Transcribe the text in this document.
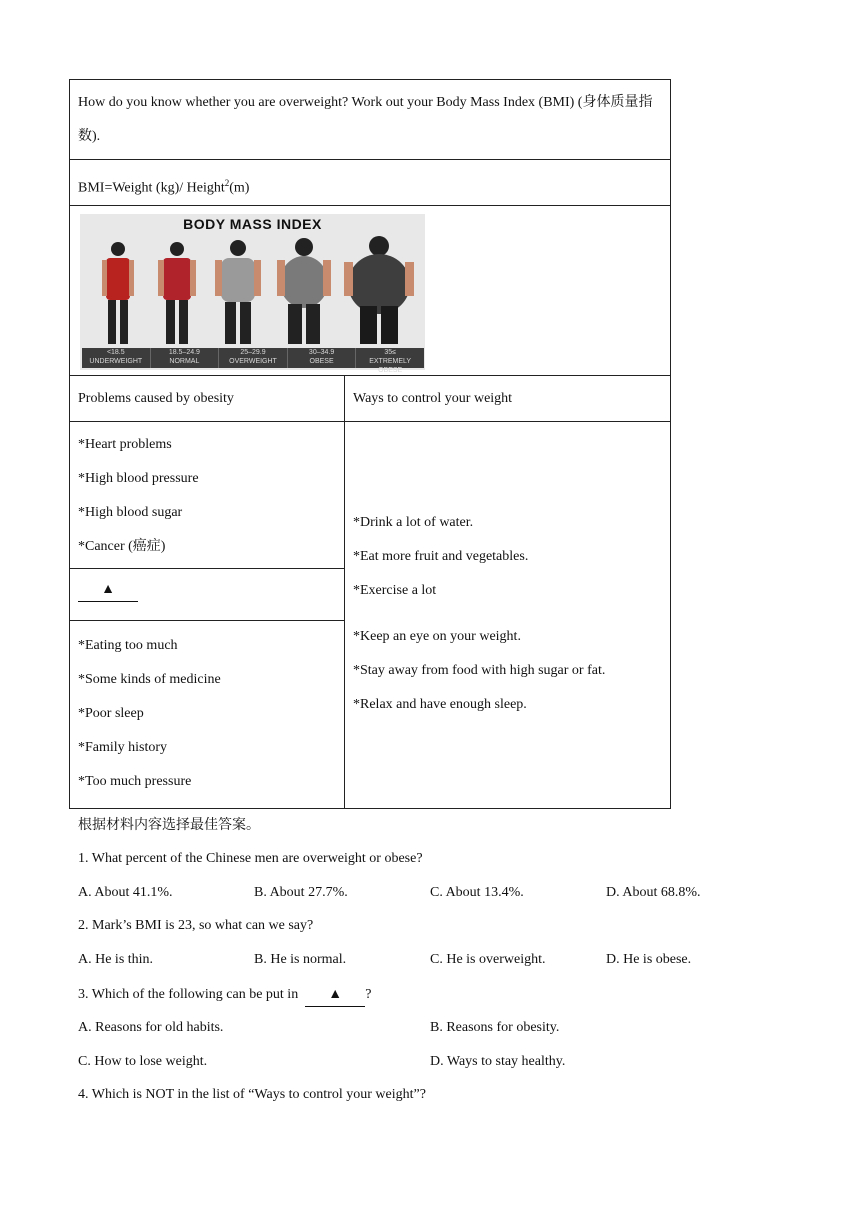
How do you know whether you are overweight? Work out your Body Mass Index (BMI) (身体质量指数).
BMI=Weight (kg)/ Height$^2$(m)
BODY MASS INDEX
<18.5
UNDERWEIGHT
18.5–24.9
NORMAL
25–29.9
OVERWEIGHT
30–34.9
OBESE
35≤
EXTREMELY OBESE
Problems caused by obesity	Ways to control your weight
*Heart problems
*High blood pressure
*High blood sugar
*Cancer (癌症)
▲
*Eating too much
*Some kinds of medicine
*Poor sleep
*Family history
*Too much pressure
*Drink a lot of water.
*Eat more fruit and vegetables.
*Exercise a lot
*Keep an eye on your weight.
*Stay away from food with high sugar or fat.
*Relax and have enough sleep.
根据材料内容选择最佳答案。
1. What percent of the Chinese men are overweight or obese?
A. About 41.1%.	B. About 27.7%.	C. About 13.4%.	D. About 68.8%.
2. Mark’s BMI is 23, so what can we say?
A. He is thin.	B. He is normal.	C. He is overweight.	D. He is obese.
3. Which of the following can be put in ▲ ?
A. Reasons for old habits.	B. Reasons for obesity.
C. How to lose weight.	D. Ways to stay healthy.
4. Which is NOT in the list of “Ways to control your weight”?
